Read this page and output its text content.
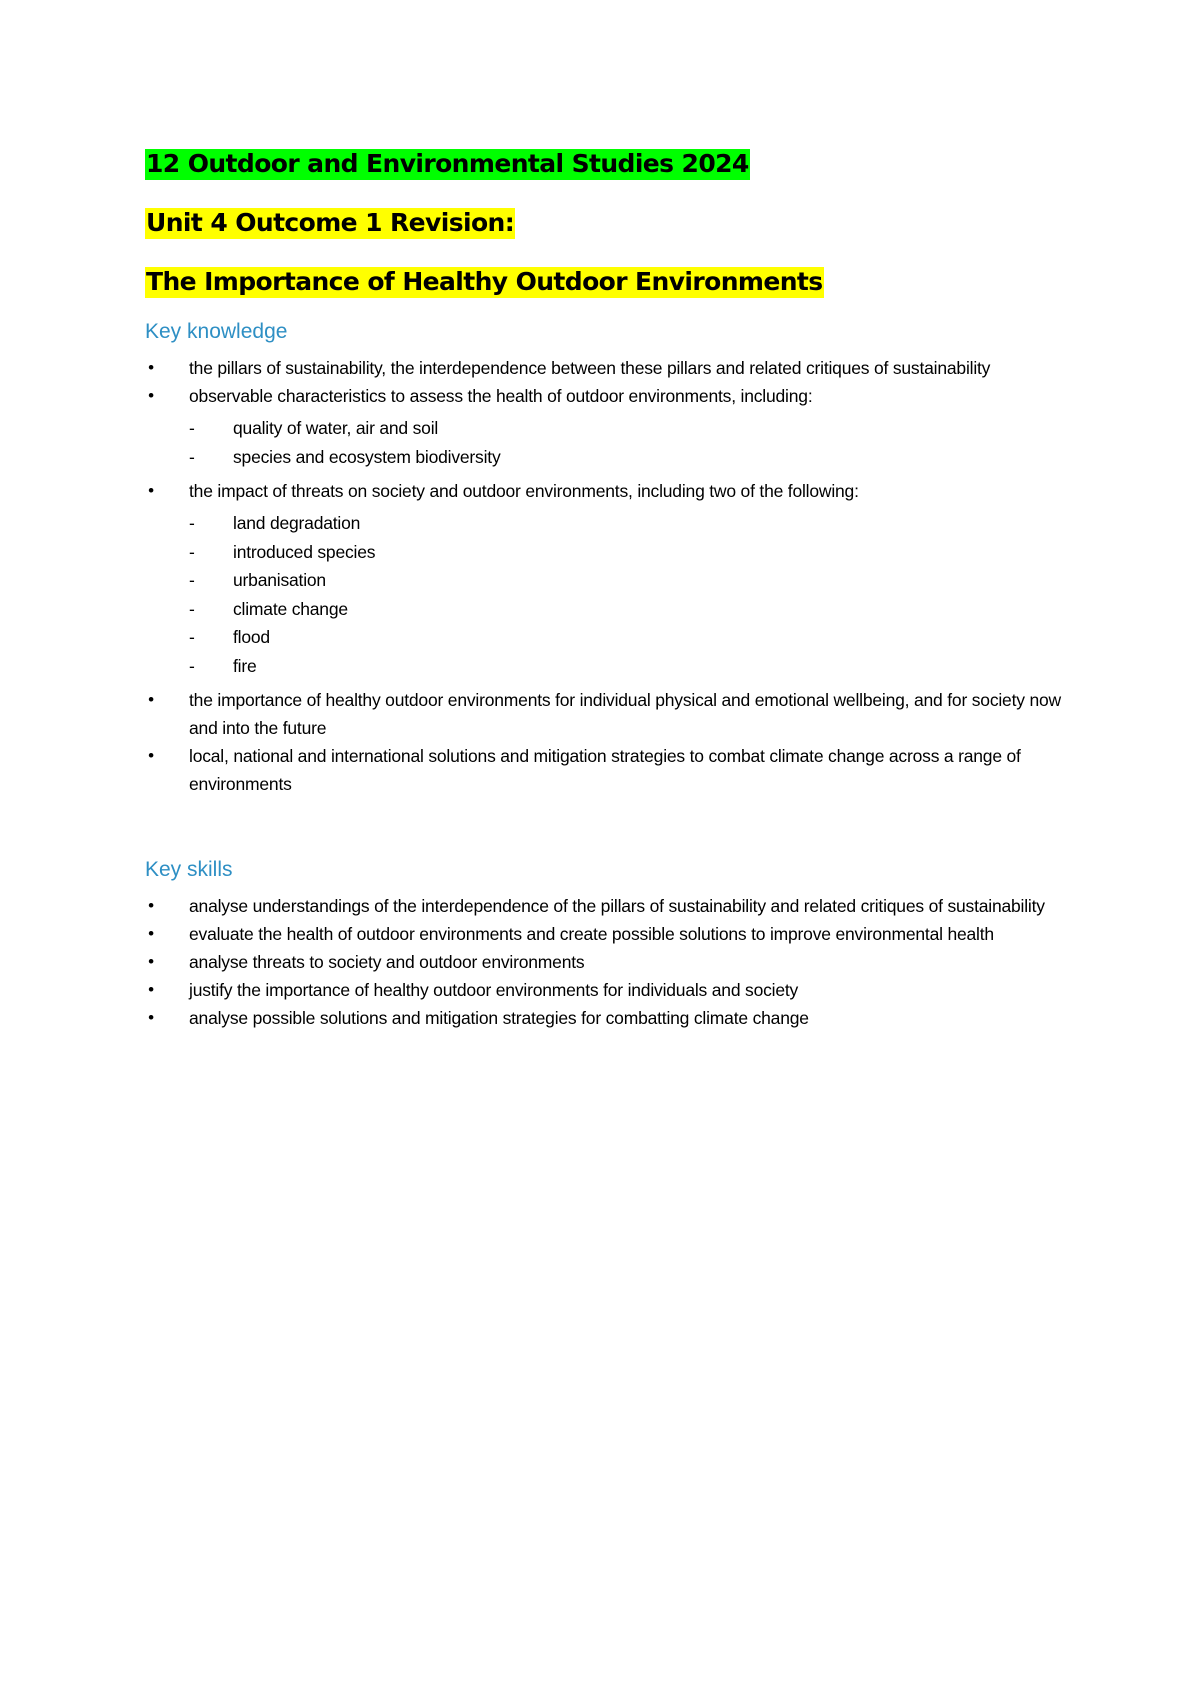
12 Outdoor and Environmental Studies 2024
Unit 4 Outcome 1 Revision:
The Importance of Healthy Outdoor Environments
Key knowledge
• the pillars of sustainability, the interdependence between these pillars and related critiques of sustainability
• observable characteristics to assess the health of outdoor environments, including:
- quality of water, air and soil
- species and ecosystem biodiversity
• the impact of threats on society and outdoor environments, including two of the following:
- land degradation
- introduced species
- urbanisation
- climate change
- flood
- fire
• the importance of healthy outdoor environments for individual physical and emotional wellbeing, and for society now and into the future
• local, national and international solutions and mitigation strategies to combat climate change across a range of environments
Key skills
• analyse understandings of the interdependence of the pillars of sustainability and related critiques of sustainability
• evaluate the health of outdoor environments and create possible solutions to improve environmental health
• analyse threats to society and outdoor environments
• justify the importance of healthy outdoor environments for individuals and society
• analyse possible solutions and mitigation strategies for combatting climate change
